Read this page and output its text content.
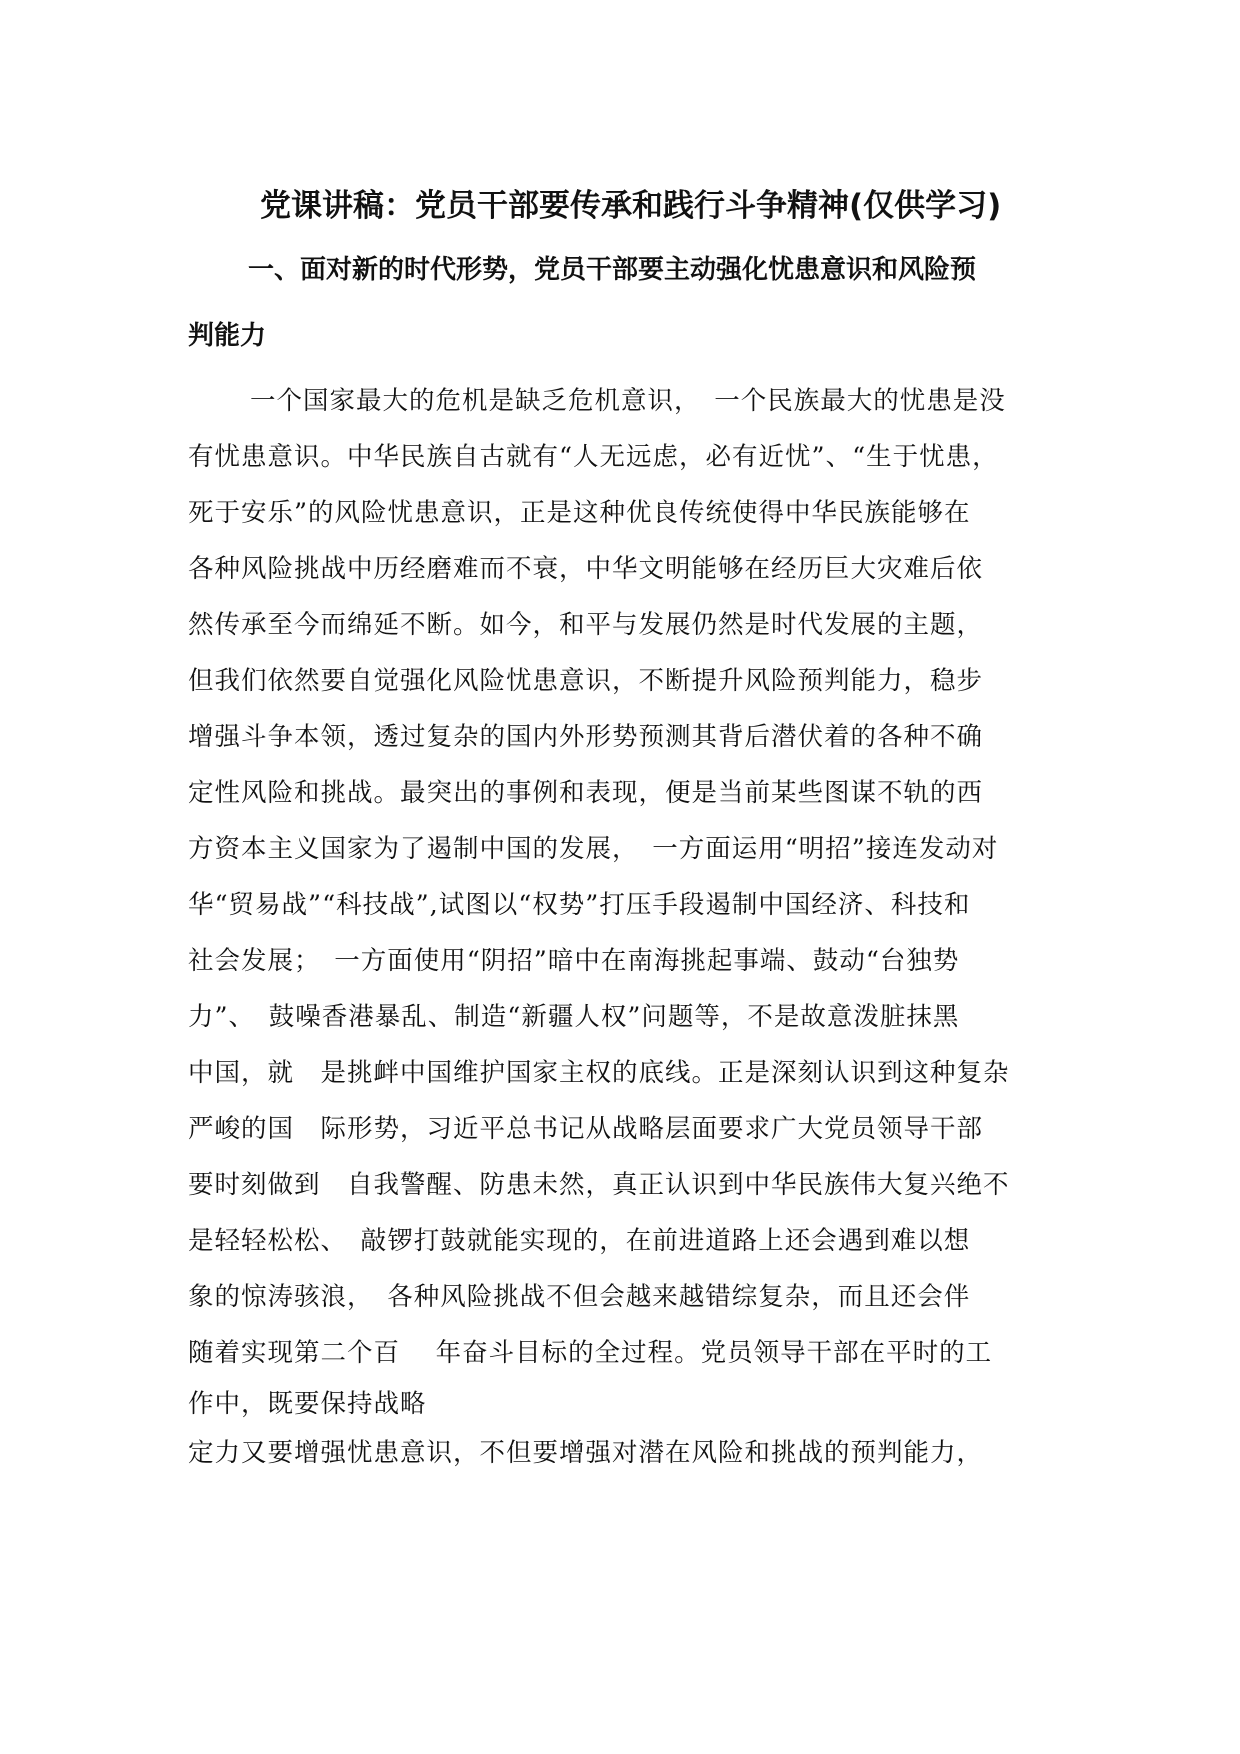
党课讲稿：党员干部要传承和践行斗争精神(仅供学习)
一、面对新的时代形势，党员干部要主动强化忧患意识和风险预
判能力

一个国家最大的危机是缺乏危机意识，　一个民族最大的忧患是没

有忧患意识。中华民族自古就有“人无远虑，必有近忧”、“生于忧患，

死于安乐”的风险忧患意识，正是这种优良传统使得中华民族能够在

各种风险挑战中历经磨难而不衰，中华文明能够在经历巨大灾难后依

然传承至今而绵延不断。如今，和平与发展仍然是时代发展的主题，

但我们依然要自觉强化风险忧患意识，不断提升风险预判能力，稳步

增强斗争本领，透过复杂的国内外形势预测其背后潜伏着的各种不确

定性风险和挑战。最突出的事例和表现，便是当前某些图谋不轨的西

方资本主义国家为了遏制中国的发展，　一方面运用“明招”接连发动对

华“贸易战”“科技战”,试图以“权势”打压手段遏制中国经济、科技和

社会发展；　一方面使用“阴招”暗中在南海挑起事端、鼓动“台独势

力”、　鼓噪香港暴乱、制造“新疆人权”问题等，不是故意泼脏抹黑

中国，就　是挑衅中国维护国家主权的底线。正是深刻认识到这种复杂

严峻的国　际形势，习近平总书记从战略层面要求广大党员领导干部

要时刻做到　自我警醒、防患未然，真正认识到中华民族伟大复兴绝不

是轻轻松松、　敲锣打鼓就能实现的，在前进道路上还会遇到难以想

象的惊涛骇浪，　各种风险挑战不但会越来越错综复杂，而且还会伴

随着实现第二个百　 年奋斗目标的全过程。党员领导干部在平时的工

作中，既要保持战略

定力又要增强忧患意识，不但要增强对潜在风险和挑战的预判能力，
